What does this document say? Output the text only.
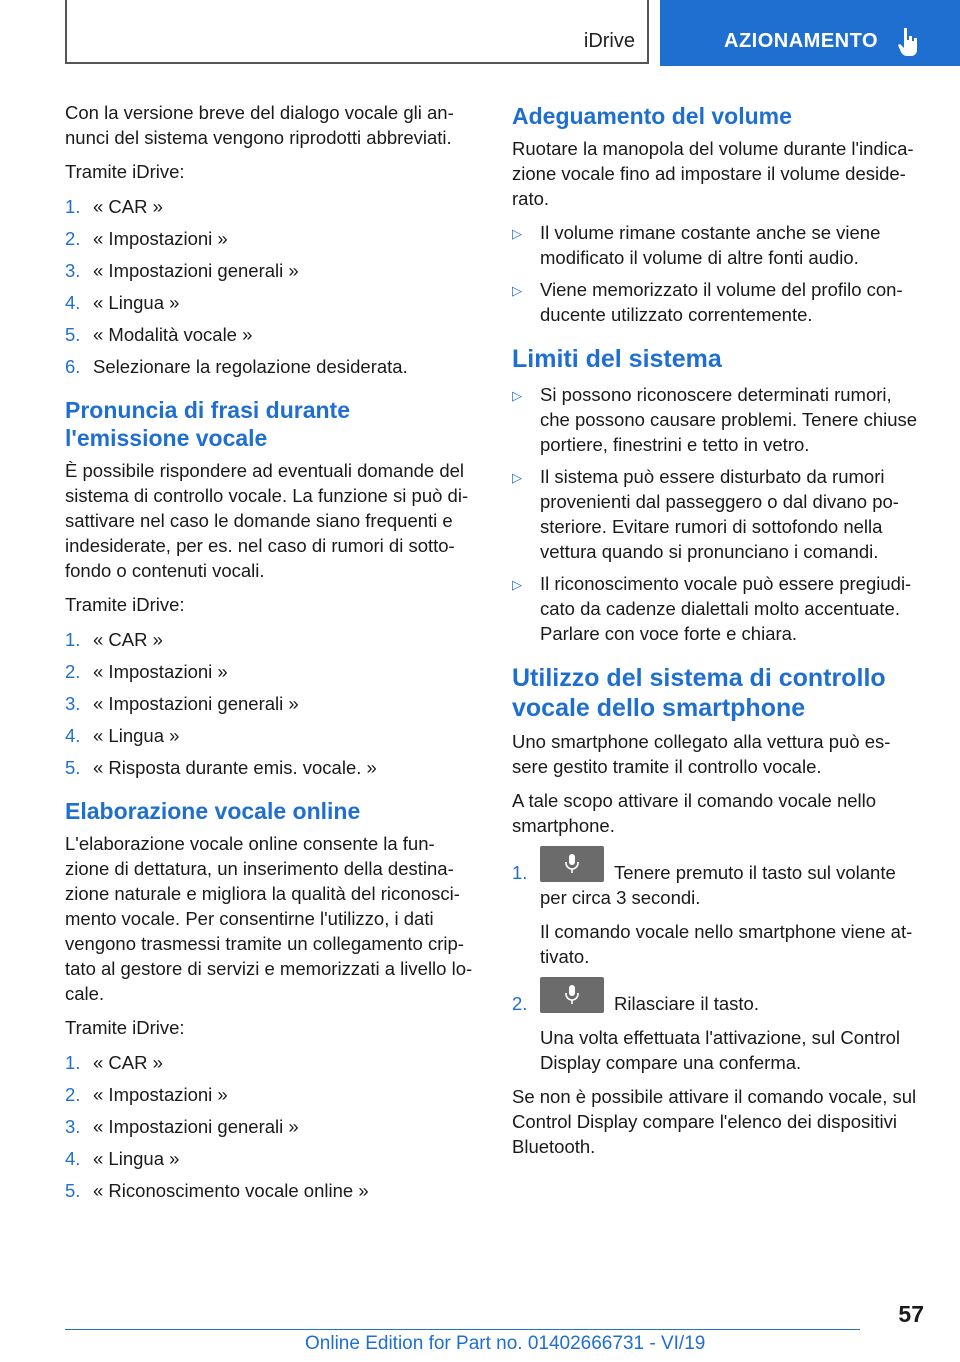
iDrive	AZIONAMENTO

Con la versione breve del dialogo vocale gli an-nunci del sistema vengono riprodotti abbreviati.

Tramite iDrive:

1. « CAR »
2. « Impostazioni »
3. « Impostazioni generali »
4. « Lingua »
5. « Modalità vocale »
6. Selezionare la regolazione desiderata.
Pronuncia di frasi durante l'emissione vocale

È possibile rispondere ad eventuali domande del sistema di controllo vocale. La funzione si può di-sattivare nel caso le domande siano frequenti e indesiderate, per es. nel caso di rumori di sotto-fondo o contenuti vocali.

Tramite iDrive:

1. « CAR »
2. « Impostazioni »
3. « Impostazioni generali »
4. « Lingua »
5. « Risposta durante emis. vocale. »
Elaborazione vocale online

L'elaborazione vocale online consente la fun-zione di dettatura, un inserimento della destina-zione naturale e migliora la qualità del riconosci-mento vocale. Per consentirne l'utilizzo, i dati vengono trasmessi tramite un collegamento crip-tato al gestore di servizi e memorizzati a livello lo-cale.

Tramite iDrive:

1. « CAR »
2. « Impostazioni »
3. « Impostazioni generali »
4. « Lingua »
5. « Riconoscimento vocale online »
Adeguamento del volume

Ruotare la manopola del volume durante l'indica-zione vocale fino ad impostare il volume deside-rato.

▷ Il volume rimane costante anche se viene modificato il volume di altre fonti audio.
▷ Viene memorizzato il volume del profilo con-ducente utilizzato correntemente.
Limiti del sistema
▷ Si possono riconoscere determinati rumori, che possono causare problemi. Tenere chiuse portiere, finestrini e tetto in vetro.
▷ Il sistema può essere disturbato da rumori provenienti dal passeggero o dal divano po-steriore. Evitare rumori di sottofondo nella vettura quando si pronunciano i comandi.
▷ Il riconoscimento vocale può essere pregiudi-cato da cadenze dialettali molto accentuate. Parlare con voce forte e chiara.
Utilizzo del sistema di controllo vocale dello smartphone

Uno smartphone collegato alla vettura può es-sere gestito tramite il controllo vocale.

A tale scopo attivare il comando vocale nello smartphone.

1.	Tenere premuto il tasto sul volante per circa 3 secondi.
Il comando vocale nello smartphone viene at-tivato.
2.	Rilasciare il tasto.
Una volta effettuata l'attivazione, sul Control Display compare una conferma.

Se non è possibile attivare il comando vocale, sul Control Display compare l'elenco dei dispositivi Bluetooth.

57
Online Edition for Part no. 01402666731 - VI/19
